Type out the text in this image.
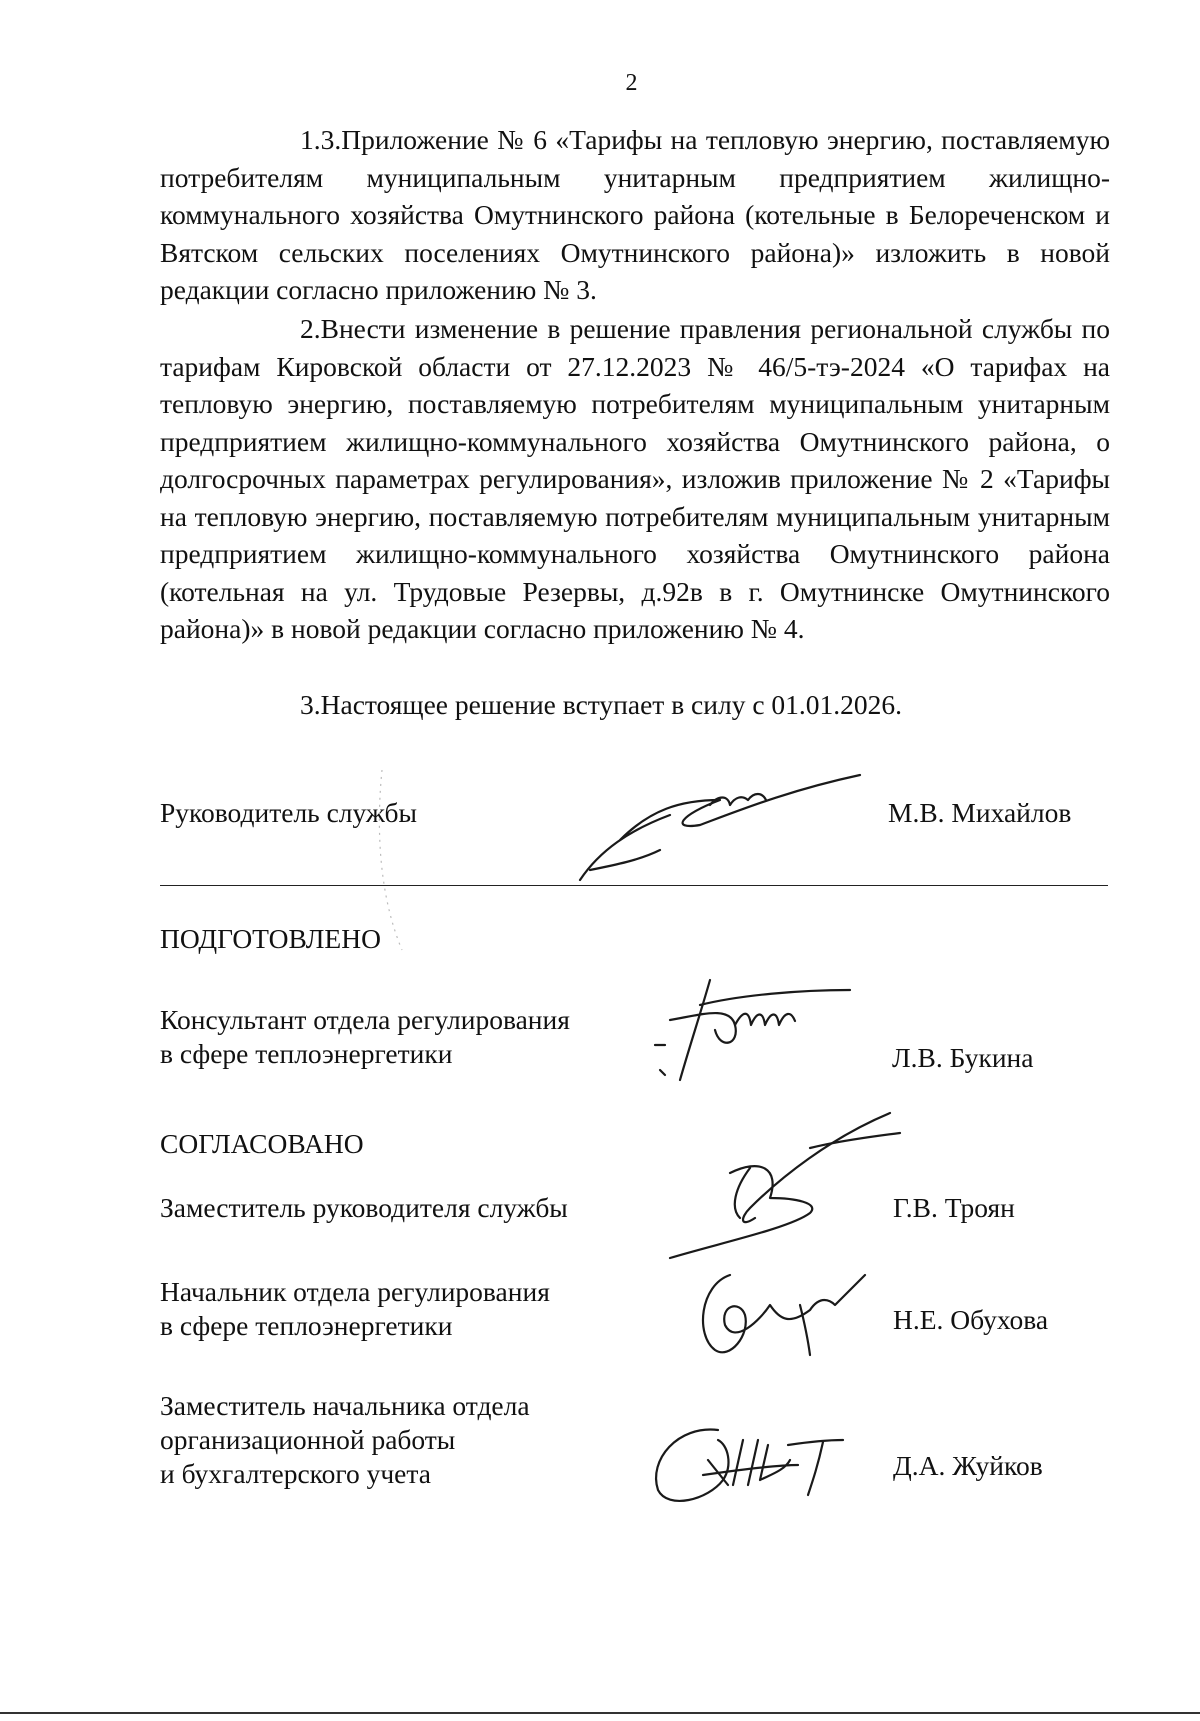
2
1.3.Приложение № 6 «Тарифы на тепловую энергию, поставляемую потребителям муниципальным унитарным предприятием жилищно-коммунального хозяйства Омутнинского района (котельные в Белореченском и Вятском сельских поселениях Омутнинского района)» изложить в новой редакции согласно приложению № 3.
2.Внести изменение в решение правления региональной службы по тарифам Кировской области от 27.12.2023 № 46/5-тэ-2024 «О тарифах на тепловую энергию, поставляемую потребителям муниципальным унитарным предприятием жилищно-коммунального хозяйства Омутнинского района, о долгосрочных параметрах регулирования», изложив приложение № 2 «Тарифы на тепловую энергию, поставляемую потребителям муниципальным унитарным предприятием жилищно-коммунального хозяйства Омутнинского района (котельная на ул. Трудовые Резервы, д.92в в г. Омутнинске Омутнинского района)» в новой редакции согласно приложению № 4.
3.Настоящее решение вступает в силу с 01.01.2026.
Руководитель службы	М.В. Михайлов
ПОДГОТОВЛЕНО
Консультант отдела регулирования
в сфере теплоэнергетики	Л.В. Букина
СОГЛАСОВАНО
Заместитель руководителя службы	Г.В. Троян
Начальник отдела регулирования
в сфере теплоэнергетики	Н.Е. Обухова
Заместитель начальника отдела
организационной работы
и бухгалтерского учета	Д.А. Жуйков
